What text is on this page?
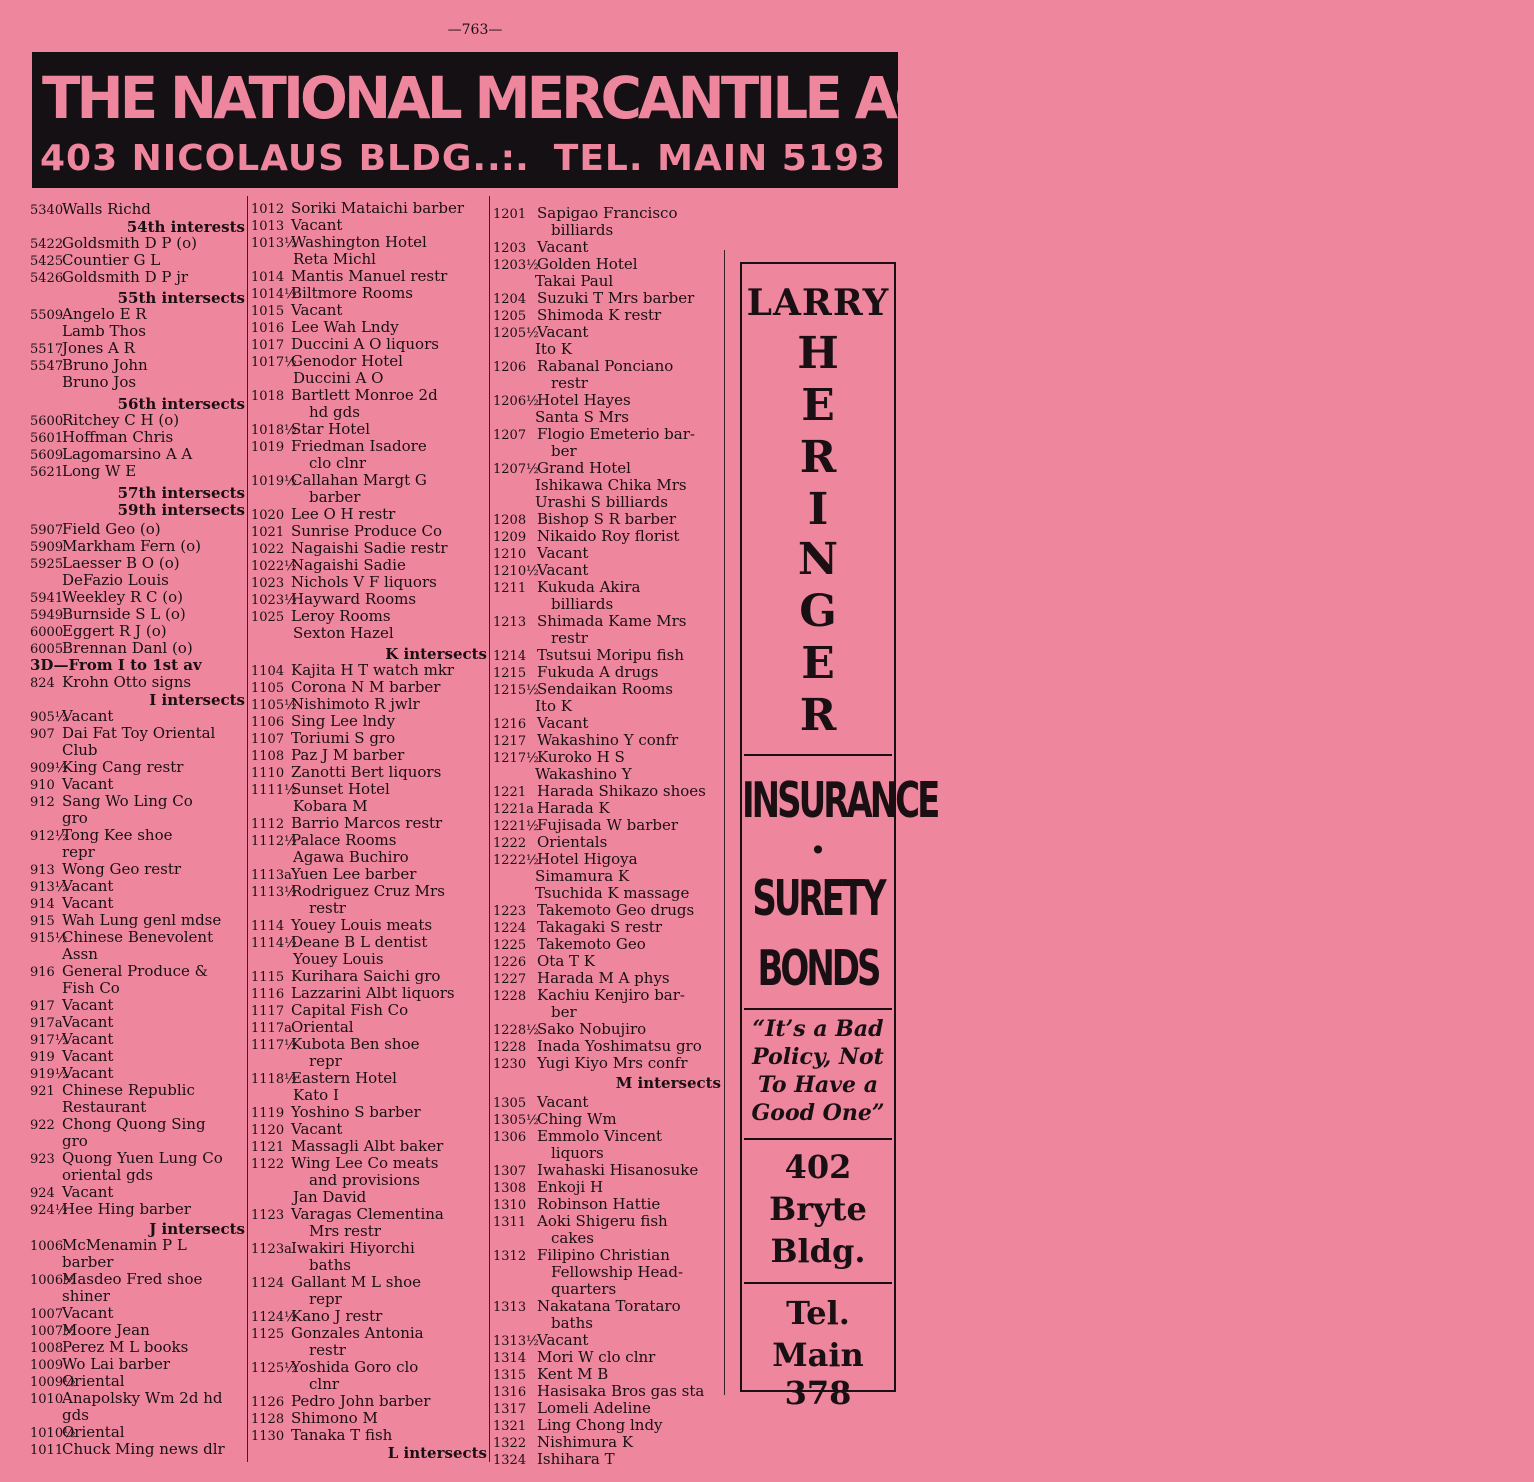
—763—
THE NATIONAL MERCANTILE AGENCY—COLLECTIONS
403 NICOLAUS BLDG. .:. TEL. MAIN 5193
5340Walls Richd
54th interests
5422Goldsmith D P (o)
5425Countier G L
5426Goldsmith D P jr
55th intersects
5509Angelo E R
Lamb Thos
5517Jones A R
5547Bruno John
Bruno Jos
56th intersects
5600Ritchey C H (o)
5601Hoffman Chris
5609Lagomarsino A A
5621Long W E
57th intersects
59th intersects
5907Field Geo (o)
5909Markham Fern (o)
5925Laesser B O (o)
DeFazio Louis
5941Weekley R C (o)
5949Burnside S L (o)
6000Eggert R J (o)
6005Brennan Danl (o)
3D—From I to 1st av
824 Krohn Otto signs
I intersects
905½Vacant
907 Dai Fat Toy Oriental
Club
909½King Cang restr
910 Vacant
912 Sang Wo Ling Co
gro
912½Tong Kee shoe
repr
913 Wong Geo restr
913½Vacant
914 Vacant
915 Wah Lung genl mdse
915½Chinese Benevolent
Assn
916 General Produce &
Fish Co
917 Vacant
917aVacant
917½Vacant
919 Vacant
919½Vacant
921 Chinese Republic
Restaurant
922 Chong Quong Sing
gro
923 Quong Yuen Lung Co
oriental gds
924 Vacant
924½Hee Hing barber
J intersects
1006McMenamin P L
barber
1006½Masdeo Fred shoe
shiner
1007Vacant
1007½Moore Jean
1008Perez M L books
1009Wo Lai barber
1009½Oriental
1010Anapolsky Wm 2d hd
gds
1010½Oriental
1011Chuck Ming news dlr
1012 Soriki Mataichi barber
1013 Vacant
1013½Washington Hotel
Reta Michl
1014 Mantis Manuel restr
1014½Biltmore Rooms
1015 Vacant
1016 Lee Wah Lndy
1017 Duccini A O liquors
1017½Genodor Hotel
Duccini A O
1018 Bartlett Monroe 2d
hd gds
1018½Star Hotel
1019 Friedman Isadore
clo clnr
1019½Callahan Margt G
barber
1020 Lee O H restr
1021 Sunrise Produce Co
1022 Nagaishi Sadie restr
1022½Nagaishi Sadie
1023 Nichols V F liquors
1023½Hayward Rooms
1025 Leroy Rooms
Sexton Hazel
K intersects
1104 Kajita H T watch mkr
1105 Corona N M barber
1105½Nishimoto R jwlr
1106 Sing Lee lndy
1107 Toriumi S gro
1108 Paz J M barber
1110 Zanotti Bert liquors
1111½Sunset Hotel
Kobara M
1112 Barrio Marcos restr
1112½Palace Rooms
Agawa Buchiro
1113aYuen Lee barber
1113½Rodriguez Cruz Mrs
restr
1114 Youey Louis meats
1114½Deane B L dentist
Youey Louis
1115 Kurihara Saichi gro
1116 Lazzarini Albt liquors
1117 Capital Fish Co
1117aOriental
1117½Kubota Ben shoe
repr
1118½Eastern Hotel
Kato I
1119 Yoshino S barber
1120 Vacant
1121 Massagli Albt baker
1122 Wing Lee Co meats
and provisions
Jan David
1123 Varagas Clementina
Mrs restr
1123aIwakiri Hiyorchi
baths
1124 Gallant M L shoe
repr
1124½Kano J restr
1125 Gonzales Antonia
restr
1125½Yoshida Goro clo
clnr
1126 Pedro John barber
1128 Shimono M
1130 Tanaka T fish
L intersects
1201 Sapigao Francisco
billiards
1203 Vacant
1203½Golden Hotel
Takai Paul
1204 Suzuki T Mrs barber
1205 Shimoda K restr
1205½Vacant
Ito K
1206 Rabanal Ponciano
restr
1206½Hotel Hayes
Santa S Mrs
1207 Flogio Emeterio bar-
ber
1207½Grand Hotel
Ishikawa Chika Mrs
Urashi S billiards
1208 Bishop S R barber
1209 Nikaido Roy florist
1210 Vacant
1210½Vacant
1211 Kukuda Akira
billiards
1213 Shimada Kame Mrs
restr
1214 Tsutsui Moripu fish
1215 Fukuda A drugs
1215½Sendaikan Rooms
Ito K
1216 Vacant
1217 Wakashino Y confr
1217½Kuroko H S
Wakashino Y
1221 Harada Shikazo shoes
1221a Harada K
1221½Fujisada W barber
1222 Orientals
1222½Hotel Higoya
Simamura K
Tsuchida K massage
1223 Takemoto Geo drugs
1224 Takagaki S restr
1225 Takemoto Geo
1226 Ota T K
1227 Harada M A phys
1228 Kachiu Kenjiro bar-
ber
1228½Sako Nobujiro
1228 Inada Yoshimatsu gro
1230 Yugi Kiyo Mrs confr
M intersects
1305 Vacant
1305½Ching Wm
1306 Emmolo Vincent
liquors
1307 Iwahaski Hisanosuke
1308 Enkoji H
1310 Robinson Hattie
1311 Aoki Shigeru fish
cakes
1312 Filipino Christian
Fellowship Head-
quarters
1313 Nakatana Torataro
baths
1313½Vacant
1314 Mori W clo clnr
1315 Kent M B
1316 Hasisaka Bros gas sta
1317 Lomeli Adeline
1321 Ling Chong lndy
1322 Nishimura K
1324 Ishihara T
LARRY
H
E
R
I
N
G
E
R
INSURANCE
•
SURETY
BONDS
“It’s a Bad
Policy, Not
To Have a
Good One”
402
Bryte
Bldg.
Tel.
Main 378
